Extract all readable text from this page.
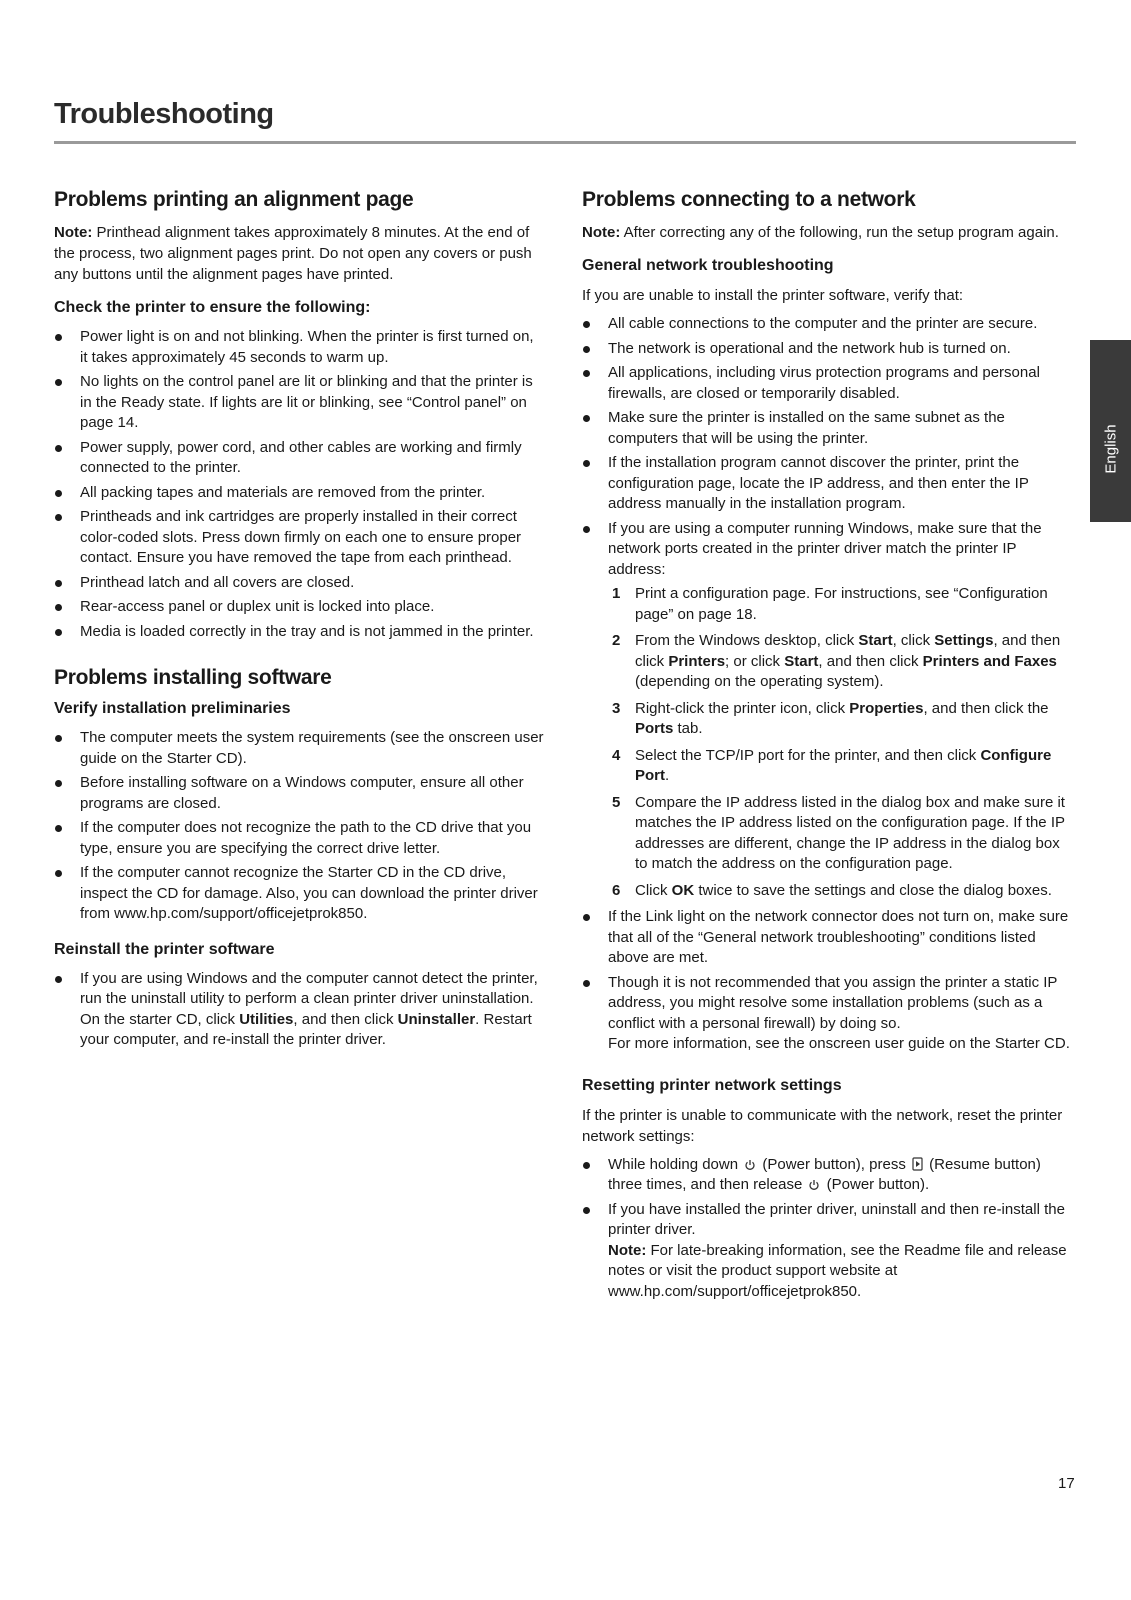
Troubleshooting
Problems printing an alignment page

Note: Printhead alignment takes approximately 8 minutes. At the end of the process, two alignment pages print. Do not open any covers or push any buttons until the alignment pages have printed.

Check the printer to ensure the following:
Power light is on and not blinking. When the printer is first turned on, it takes approximately 45 seconds to warm up.
No lights on the control panel are lit or blinking and that the printer is in the Ready state. If lights are lit or blinking, see “Control panel” on page 14.
Power supply, power cord, and other cables are working and firmly connected to the printer.
All packing tapes and materials are removed from the printer.
Printheads and ink cartridges are properly installed in their correct color-coded slots. Press down firmly on each one to ensure proper contact. Ensure you have removed the tape from each printhead.
Printhead latch and all covers are closed.
Rear-access panel or duplex unit is locked into place.
Media is loaded correctly in the tray and is not jammed in the printer.
Problems installing software
Verify installation preliminaries
The computer meets the system requirements (see the onscreen user guide on the Starter CD).
Before installing software on a Windows computer, ensure all other programs are closed.
If the computer does not recognize the path to the CD drive that you type, ensure you are specifying the correct drive letter.
If the computer cannot recognize the Starter CD in the CD drive, inspect the CD for damage. Also, you can download the printer driver from www.hp.com/support/officejetprok850.
Reinstall the printer software
If you are using Windows and the computer cannot detect the printer, run the uninstall utility to perform a clean printer driver uninstallation. On the starter CD, click Utilities, and then click Uninstaller. Restart your computer, and re-install the printer driver.
Problems connecting to a network

Note: After correcting any of the following, run the setup program again.

General network troubleshooting

If you are unable to install the printer software, verify that:

All cable connections to the computer and the printer are secure.
The network is operational and the network hub is turned on.
All applications, including virus protection programs and personal firewalls, are closed or temporarily disabled.
Make sure the printer is installed on the same subnet as the computers that will be using the printer.
If the installation program cannot discover the printer, print the configuration page, locate the IP address, and then enter the IP address manually in the installation program.
If you are using a computer running Windows, make sure that the network ports created in the printer driver match the printer IP address:
1 Print a configuration page. For instructions, see “Configuration page” on page 18.
2 From the Windows desktop, click Start, click Settings, and then click Printers; or click Start, and then click Printers and Faxes (depending on the operating system).
3 Right-click the printer icon, click Properties, and then click the Ports tab.
4 Select the TCP/IP port for the printer, and then click Configure Port.
5 Compare the IP address listed in the dialog box and make sure it matches the IP address listed on the configuration page. If the IP addresses are different, change the IP address in the dialog box to match the address on the configuration page.
6 Click OK twice to save the settings and close the dialog boxes.
If the Link light on the network connector does not turn on, make sure that all of the “General network troubleshooting” conditions listed above are met.
Though it is not recommended that you assign the printer a static IP address, you might resolve some installation problems (such as a conflict with a personal firewall) by doing so.
For more information, see the onscreen user guide on the Starter CD.
Resetting printer network settings

If the printer is unable to communicate with the network, reset the printer network settings:

While holding down (Power button), press (Resume button) three times, and then release (Power button).
If you have installed the printer driver, uninstall and then re-install the printer driver.
Note: For late-breaking information, see the Readme file and release notes or visit the product support website at www.hp.com/support/officejetprok850.
English
17
